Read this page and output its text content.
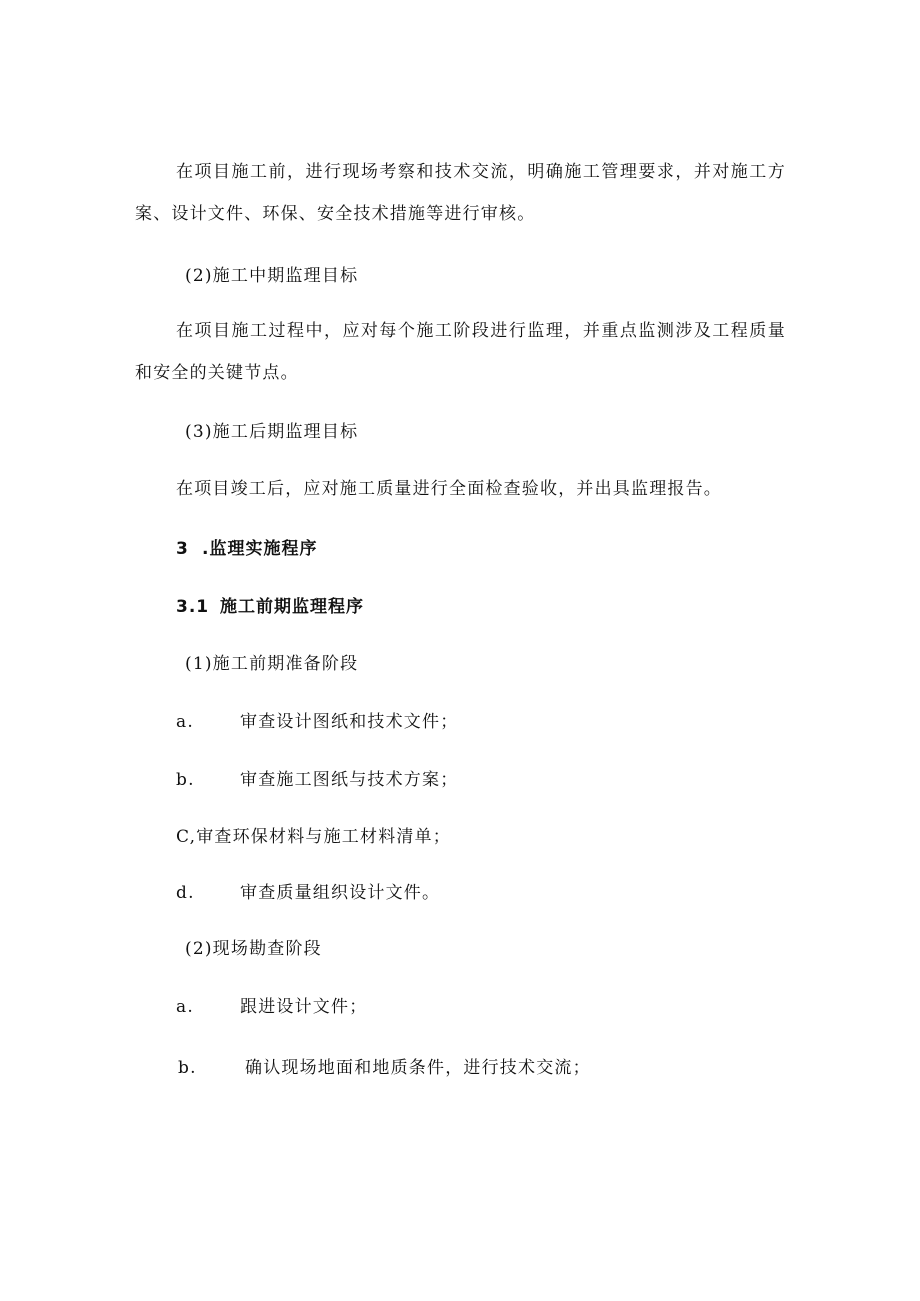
在项目施工前，进行现场考察和技术交流，明确施工管理要求，并对施工方
案、设计文件、环保、安全技术措施等进行审核。
(2)施工中期监理目标
在项目施工过程中，应对每个施工阶段进行监理，并重点监测涉及工程质量
和安全的关键节点。
(3)施工后期监理目标
在项目竣工后，应对施工质量进行全面检查验收，并出具监理报告。
3 .监理实施程序
3.1 施工前期监理程序
(1)施工前期准备阶段
a.	审查设计图纸和技术文件；
b.	审查施工图纸与技术方案；
C,审查环保材料与施工材料清单；
d.	审查质量组织设计文件。
(2)现场勘查阶段
a.	跟进设计文件；
b.	确认现场地面和地质条件，进行技术交流；
